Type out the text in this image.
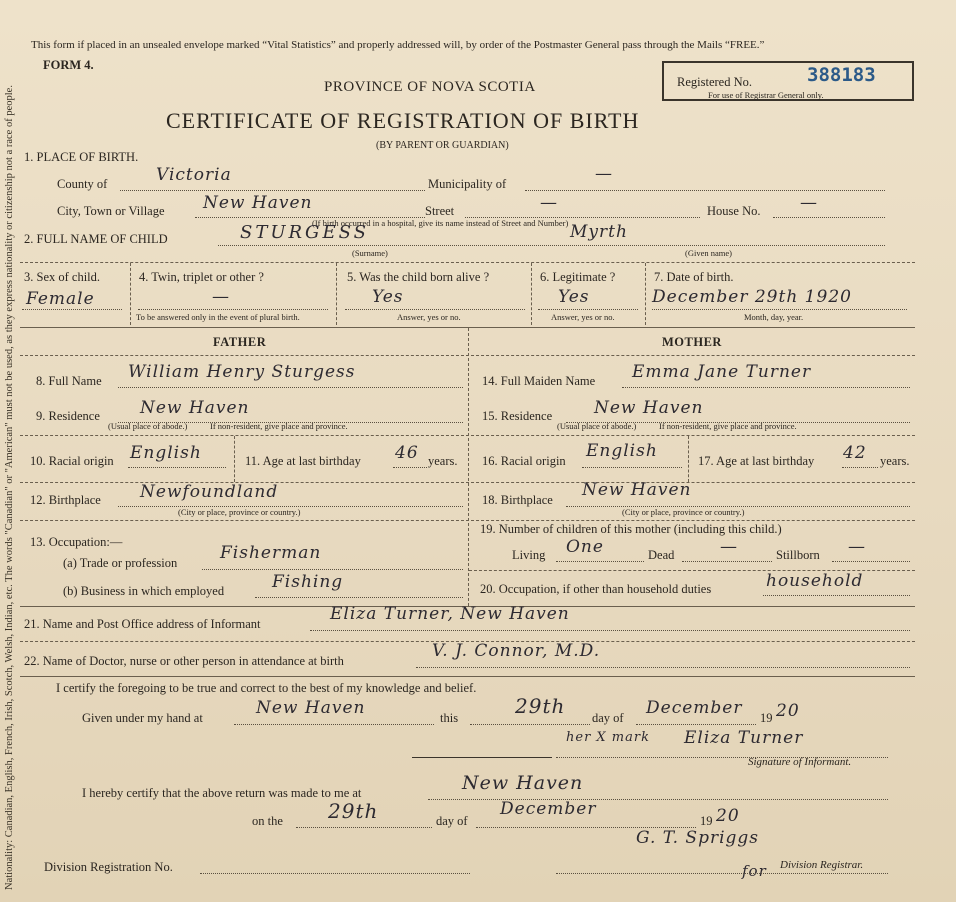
Nationality: Canadian, English, French, Irish, Scotch, Welsh, Indian, etc. The words "Canadian" or "American" must not be used, as they express nationality or citizenship not a race of people.
This form if placed in an unsealed envelope marked “Vital Statistics” and properly addressed will, by order of the Postmaster General pass through the Mails “FREE.”
FORM 4.
Registered No.
For use of Registrar General only.
388183
PROVINCE OF NOVA SCOTIA
CERTIFICATE OF REGISTRATION OF BIRTH
(BY PARENT OR GUARDIAN)
1. PLACE OF BIRTH.
County of	Victoria	Municipality of	—
City, Town or Village New Haven	Street	—	House No. —
(If birth occurred in a hospital, give its name instead of Street and Number)
2. FULL NAME OF CHILD	STURGESS	Myrth
(Surname)	(Given name)
3. Sex of child.
Female
4. Twin, triplet or other ?
—
To be answered only in the event of plural birth.
5. Was the child born alive ?
Yes
Answer, yes or no.
6. Legitimate ?
Yes
Answer, yes or no.
7. Date of birth.
December 29th 1920
Month, day, year.
FATHER	MOTHER
8. Full Name William Henry Sturgess	14. Full Maiden Name Emma Jane Turner
9. Residence New Haven
(Usual place of abode.)	If non-resident, give place and province.
15. Residence New Haven
(Usual place of abode.)	If non-resident, give place and province.
10. Racial origin English	11. Age at last birthday 46 years. 16. Racial origin English	17. Age at last birthday 42 years.
12. Birthplace Newfoundland
(City or place, province or country.)
18. Birthplace New Haven
(City or place, province or country.)
13. Occupation:—
(a) Trade or profession	Fisherman
(b) Business in which employed	Fishing
19. Number of children of this mother (including this child.)
Living One	Dead	—	Stillborn —
20. Occupation, if other than household duties	household
21. Name and Post Office address of Informant	Eliza Turner, New Haven
22. Name of Doctor, nurse or other person in attendance at birth	V. J. Connor, M.D.
I certify the foregoing to be true and correct to the best of my knowledge and belief.
Given under my hand at	New Haven	this	29th day of December 19 20
her X mark Eliza Turner
Signature of Informant.
I hereby certify that the above return was made to me at	New Haven
on the 29th	day of
December
19 20
Division Registration No.
G. T. Spriggs
for Division Registrar.
